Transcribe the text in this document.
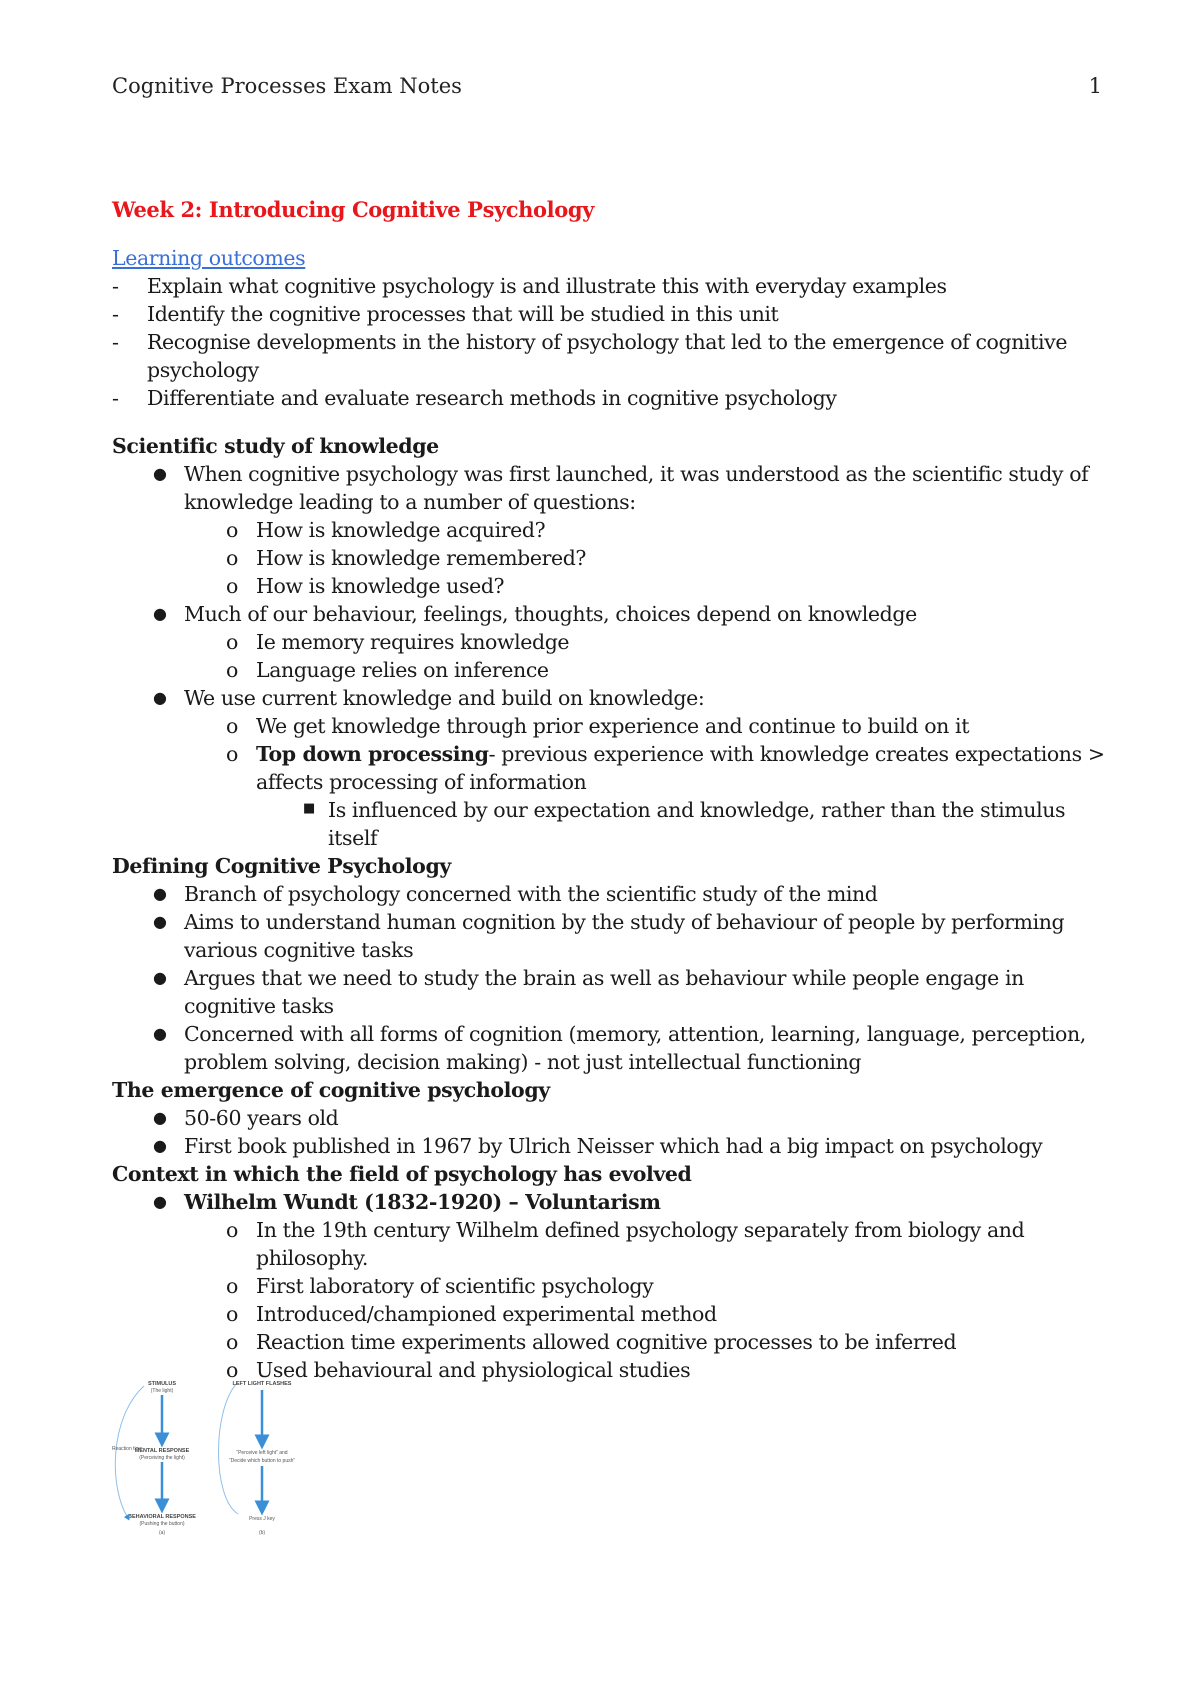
Cognitive Processes Exam Notes	1
Week 2: Introducing Cognitive Psychology
Learning outcomes
- Explain what cognitive psychology is and illustrate this with everyday examples
- Identify the cognitive processes that will be studied in this unit
- Recognise developments in the history of psychology that led to the emergence of cognitive psychology
- Differentiate and evaluate research methods in cognitive psychology
Scientific study of knowledge
● When cognitive psychology was first launched, it was understood as the scientific study of knowledge leading to a number of questions:
o How is knowledge acquired?
o How is knowledge remembered?
o How is knowledge used?
● Much of our behaviour, feelings, thoughts, choices depend on knowledge
o Ie memory requires knowledge
o Language relies on inference
● We use current knowledge and build on knowledge:
o We get knowledge through prior experience and continue to build on it
o Top down processing- previous experience with knowledge creates expectations > affects processing of information
■ Is influenced by our expectation and knowledge, rather than the stimulus itself
Defining Cognitive Psychology
● Branch of psychology concerned with the scientific study of the mind
● Aims to understand human cognition by the study of behaviour of people by performing various cognitive tasks
● Argues that we need to study the brain as well as behaviour while people engage in cognitive tasks
● Concerned with all forms of cognition (memory, attention, learning, language, perception, problem solving, decision making) - not just intellectual functioning
The emergence of cognitive psychology
● 50-60 years old
● First book published in 1967 by Ulrich Neisser which had a big impact on psychology
Context in which the field of psychology has evolved
● Wilhelm Wundt (1832-1920) – Voluntarism
o In the 19th century Wilhelm defined psychology separately from biology and philosophy.
o First laboratory of scientific psychology
o Introduced/championed experimental method
o Reaction time experiments allowed cognitive processes to be inferred
o Used behavioural and physiological studies
STIMULUS
(The light)
MENTAL RESPONSE
(Perceiving the light)
BEHAVIORAL RESPONSE
(Pushing the button)
(a)
Reaction time
LEFT LIGHT FLASHES
“Perceive left light” and
“Decide which button to push”
Press J key
(b)
